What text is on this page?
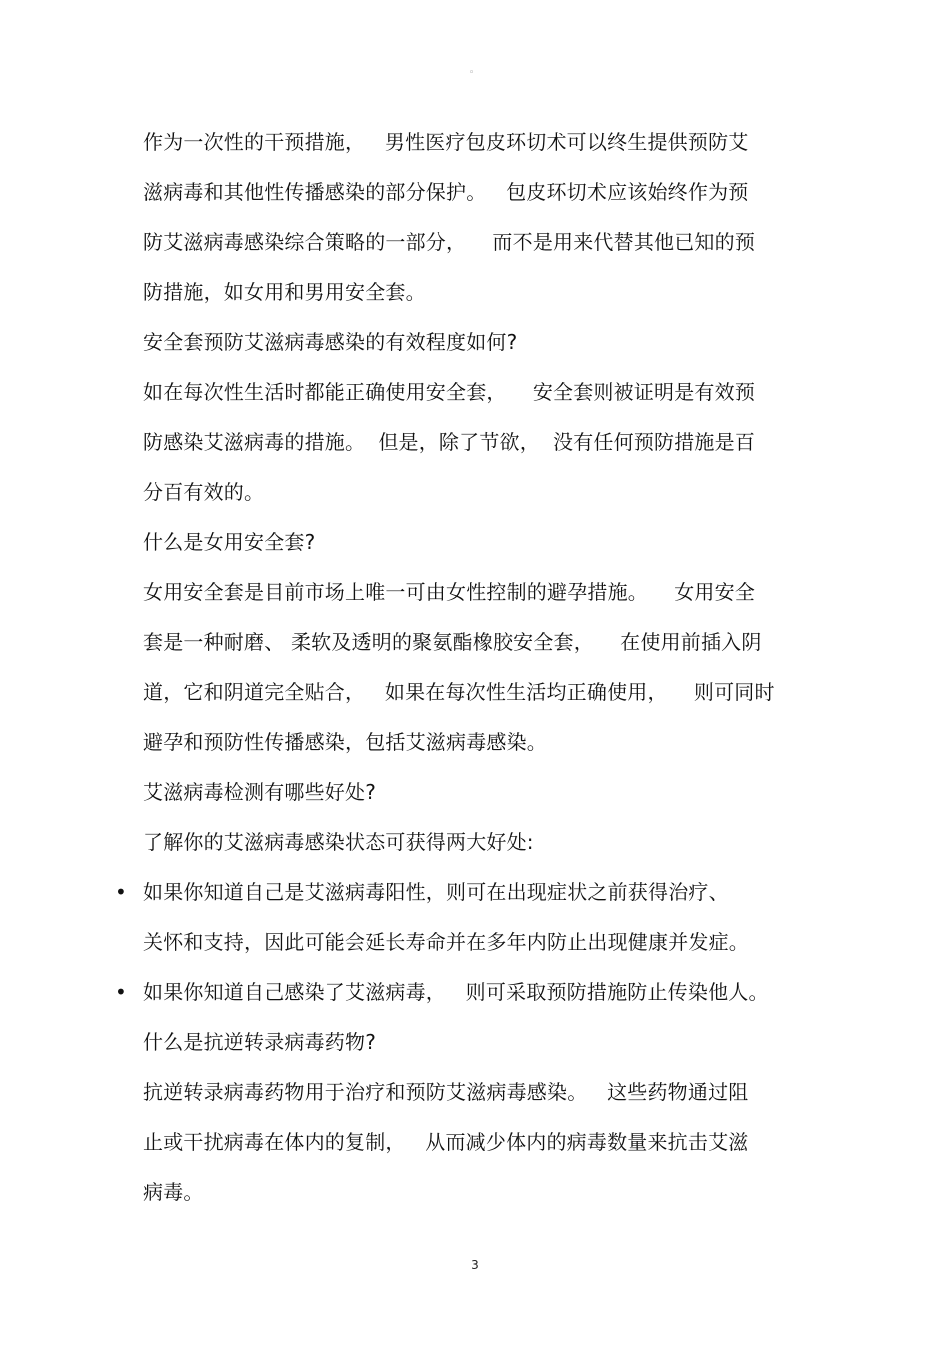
◦
作为一次性的干预措施，   男性医疗包皮环切术可以终生提供预防艾
滋病毒和其他性传播感染的部分保护。   包皮环切术应该始终作为预
防艾滋病毒感染综合策略的一部分，    而不是用来代替其他已知的预
防措施，如女用和男用安全套。
安全套预防艾滋病毒感染的有效程度如何?
如在每次性生活时都能正确使用安全套，    安全套则被证明是有效预
防感染艾滋病毒的措施。  但是，除了节欲，  没有任何预防措施是百
分百有效的。
什么是女用安全套?
女用安全套是目前市场上唯一可由女性控制的避孕措施。    女用安全
套是一种耐磨、 柔软及透明的聚氨酯橡胶安全套，    在使用前插入阴
道，它和阴道完全贴合，   如果在每次性生活均正确使用，    则可同时
避孕和预防性传播感染，包括艾滋病毒感染。
艾滋病毒检测有哪些好处?
了解你的艾滋病毒感染状态可获得两大好处:
• 如果你知道自己是艾滋病毒阳性，则可在出现症状之前获得治疗、
关怀和支持，因此可能会延长寿命并在多年内防止出现健康并发症。
• 如果你知道自己感染了艾滋病毒，   则可采取预防措施防止传染他人。
什么是抗逆转录病毒药物?
抗逆转录病毒药物用于治疗和预防艾滋病毒感染。   这些药物通过阻
止或干扰病毒在体内的复制，   从而减少体内的病毒数量来抗击艾滋
病毒。
3
